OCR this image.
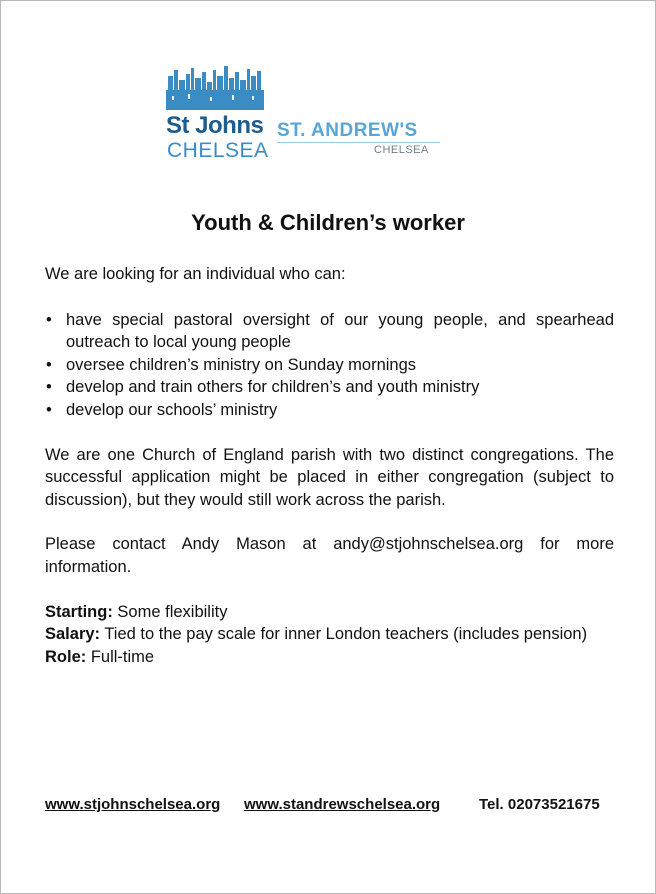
St Johns
CHELSEA
ST. ANDREW'S
CHELSEA
Youth & Children’s worker

We are looking for an individual who can:

• have special pastoral oversight of our young people, and spearhead outreach to local young people
• oversee children’s ministry on Sunday mornings
• develop and train others for children’s and youth ministry
• develop our schools’ ministry

We are one Church of England parish with two distinct congregations. The successful application might be placed in either congregation (subject to discussion), but they would still work across the parish.

Please contact Andy Mason at andy@stjohnschelsea.org for more information.

Starting: Some flexibility
Salary: Tied to the pay scale for inner London teachers (includes pension)
Role: Full-time
www.stjohnschelsea.org www.standrewschelsea.org	Tel. 02073521675
